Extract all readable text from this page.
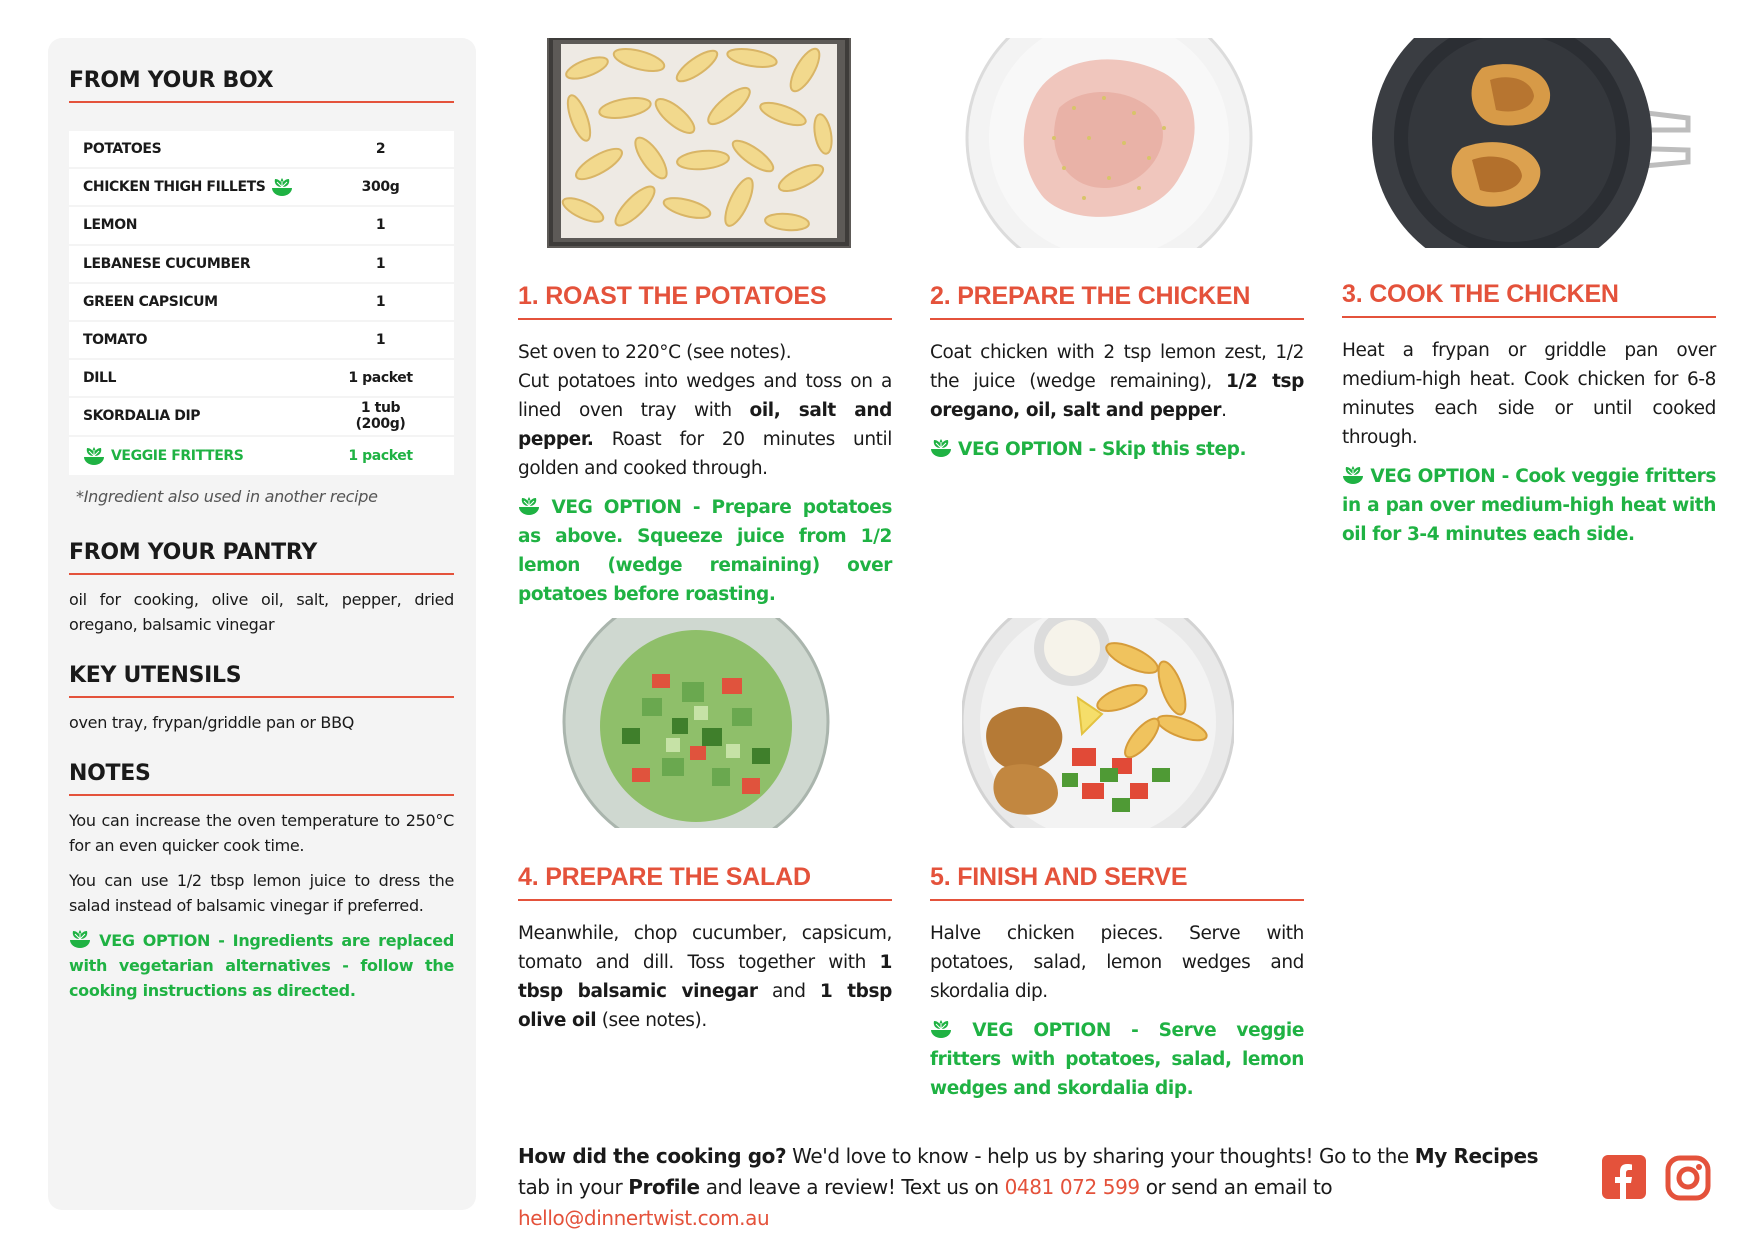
FROM YOUR BOX
POTATOES	2
CHICKEN THIGH FILLETS	300g
LEMON	1
LEBANESE CUCUMBER	1
GREEN CAPSICUM	1
TOMATO	1
DILL	1 packet
SKORDALIA DIP	1 tub (200g)
VEGGIE FRITTERS	1 packet

*Ingredient also used in another recipe

FROM YOUR PANTRY

oil for cooking, olive oil, salt, pepper, dried oregano, balsamic vinegar

KEY UTENSILS

oven tray, frypan/griddle pan or BBQ

NOTES

You can increase the oven temperature to 250°C for an even quicker cook time.

You can use 1/2 tbsp lemon juice to dress the salad instead of balsamic vinegar if preferred.

VEG OPTION - Ingredients are replaced with vegetarian alternatives - follow the cooking instructions as directed.

1. ROAST THE POTATOES

Set oven to 220°C (see notes).
Cut potatoes into wedges and toss on a lined oven tray with oil, salt and pepper. Roast for 20 minutes until golden and cooked through.

VEG OPTION - Prepare potatoes as above. Squeeze juice from 1/2 lemon (wedge remaining) over potatoes before roasting.

2. PREPARE THE CHICKEN

Coat chicken with 2 tsp lemon zest, 1/2 the juice (wedge remaining), 1/2 tsp oregano, oil, salt and pepper.

VEG OPTION - Skip this step.

3. COOK THE CHICKEN

Heat a frypan or griddle pan over medium-high heat. Cook chicken for 6-8 minutes each side or until cooked through.

VEG OPTION - Cook veggie fritters in a pan over medium-high heat with oil for 3-4 minutes each side.

4. PREPARE THE SALAD

Meanwhile, chop cucumber, capsicum, tomato and dill. Toss together with 1 tbsp balsamic vinegar and 1 tbsp olive oil (see notes).

5. FINISH AND SERVE

Halve chicken pieces. Serve with potatoes, salad, lemon wedges and skordalia dip.

VEG OPTION - Serve veggie fritters with potatoes, salad, lemon wedges and skordalia dip.

How did the cooking go? We'd love to know - help us by sharing your thoughts! Go to the My Recipes tab in your Profile and leave a review! Text us on 0481 072 599 or send an email to hello@dinnertwist.com.au
